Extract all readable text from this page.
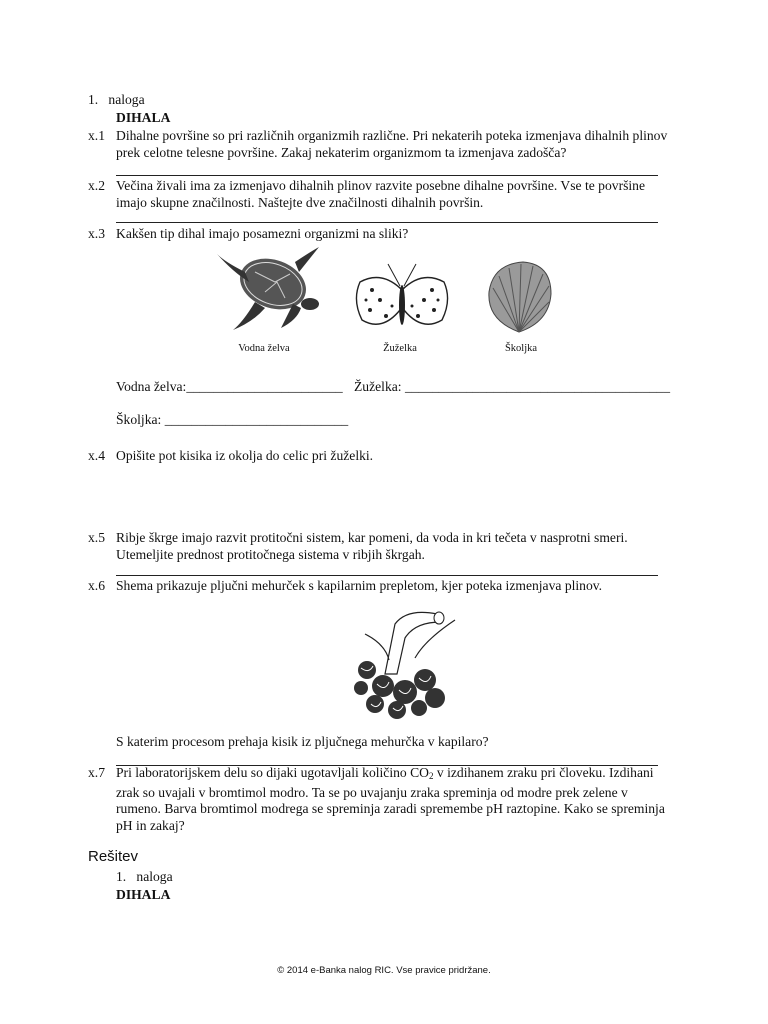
1. naloga
DIHALA
x.1 Dihalne površine so pri različnih organizmih različne. Pri nekaterih poteka izmenjava dihalnih plinov
prek celotne telesne površine. Zakaj nekaterim organizmom ta izmenjava zadošča?
x.2 Večina živali ima za izmenjavo dihalnih plinov razvite posebne dihalne površine. Vse te površine
imajo skupne značilnosti. Naštejte dve značilnosti dihalnih površin.
x.3 Kakšen tip dihal imajo posamezni organizmi na sliki?
Vodna želva	Žuželka	Školjka
Vodna želva:_______________________ Žuželka: _______________________________________
Školjka: ___________________________
x.4 Opišite pot kisika iz okolja do celic pri žuželki.
x.5 Ribje škrge imajo razvit protitočni sistem, kar pomeni, da voda in kri tečeta v nasprotni smeri.
Utemeljite prednost protitočnega sistema v ribjih škrgah.
x.6 Shema prikazuje pljučni mehurček s kapilarnim prepletom, kjer poteka izmenjava plinov.
S katerim procesom prehaja kisik iz pljučnega mehurčka v kapilaro?
x.7 Pri laboratorijskem delu so dijaki ugotavljali količino $CO_2$ v izdihanem zraku pri človeku. Izdihani
zrak so uvajali v bromtimol modro. Ta se po uvajanju zraka spreminja od modre prek zelene v
rumeno. Barva bromtimol modrega se spreminja zaradi spremembe pH raztopine. Kako se spreminja
pH in zakaj?
Rešitev
1. naloga
DIHALA
© 2014 e-Banka nalog RIC. Vse pravice pridržane.
